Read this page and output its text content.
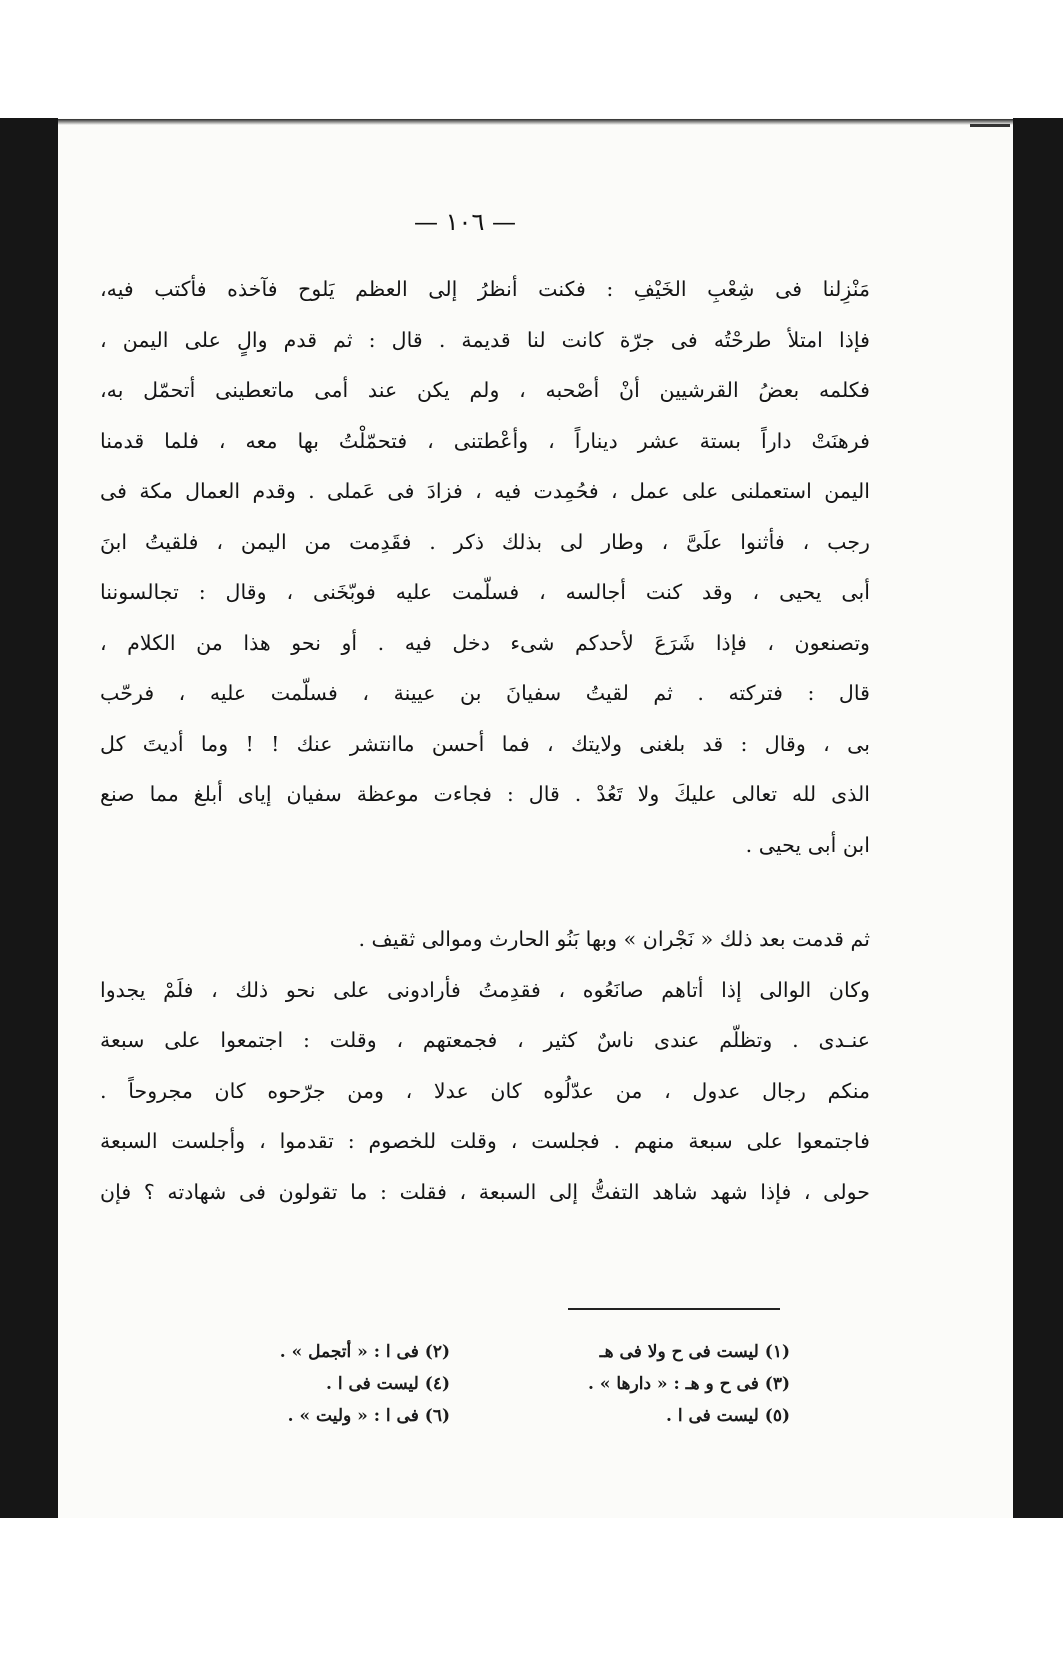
— ١٠٦ —
مَنْزِلنا فى شِعْبِ الخَيْفِ : فكنت أنظرُ إلى العظم يَلوح فآخذه فأكتب فيه،
فإذا امتلأ طرحْتُه فى جرّة كانت لنا قديمة . قال : ثم قدم والٍ على اليمن ،
فكلمه بعضُ القرشيين أنْ أصْحبه ، ولم يكن عند أمى ماتعطينى أتحمّل به،
فرهنَتْ داراً بستة عشر ديناراً ، وأعْطتنى ، فتحمّلْتُ بها معه ، فلما قدمنا
اليمن استعملنى على عمل ، فحُمِدت فيه ، فزادَ فى عَملى . وقدم العمال مكة فى
رجب ، فأثنوا علَىَّ ، وطار لى بذلك ذكر . فقَدِمت من اليمن ، فلقيتُ ابنَ
أبى يحيى ، وقد كنت أجالسه ، فسلّمت عليه فوبّخَنى ، وقال : تجالسوننا
وتصنعون ، فإذا شَرَعَ لأحدكم شىء دخل فيه . أو نحو هذا من الكلام ،
قال : فتركته . ثم لقيتُ سفيانَ بن عيينة ، فسلّمت عليه ، فرحّب
بى ، وقال : قد بلغنى ولايتك ، فما أحسن ماانتشر عنك ! ! وما أديتَ كل
الذى لله تعالى عليكَ ولا تَعُدْ . قال : فجاءت موعظة سفيان إياى أبلغ مما صنع
ابن أبى يحيى .
ثم قدمت بعد ذلك « نَجْران » وبها بَنُو الحارث وموالى ثقيف .
وكان الوالى إذا أتاهم صانَعُوه ، فقدِمتُ فأرادونى على نحو ذلك ، فلَمْ يجدوا
عنـدى . وتظلّم عندى ناسٌ كثير ، فجمعتهم ، وقلت : اجتمعوا على سبعة
منكم رجال عدول ، من عدّلُوه كان عدلا ، ومن جرّحوه كان مجروحاً .
فاجتمعوا على سبعة منهم . فجلست ، وقلت للخصوم : تقدموا ، وأجلست السبعة
حولى ، فإذا شهد شاهد التفتُّ إلى السبعة ، فقلت : ما تقولون فى شهادته ؟ فإن
(١) ليست فى ح ولا فى هـ
(٣) فى ح و هـ : « دارها » .
(٥) ليست فى ا .
(٢) فى ا : « أتجمل » .
(٤) ليست فى ا .
(٦) فى ا : « وليت » .
